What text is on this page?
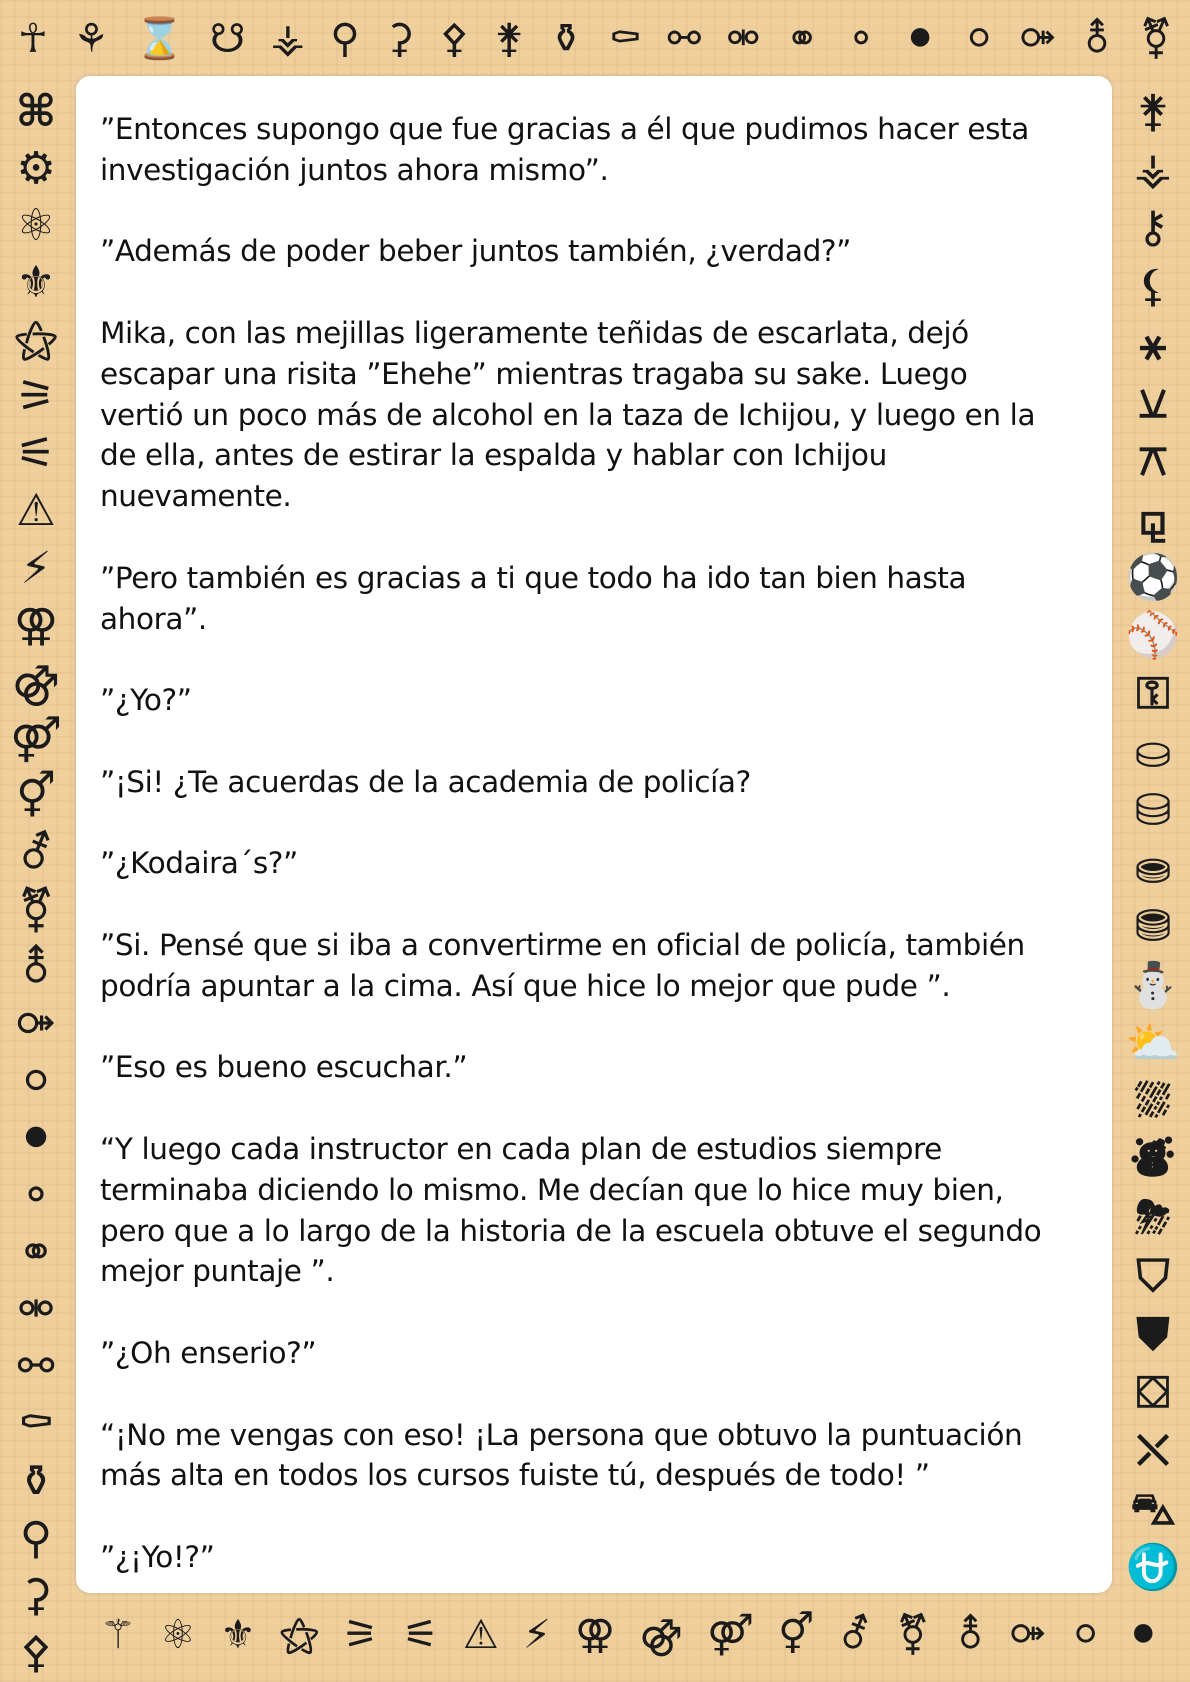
☥ ⚘ ⌛ ☋ ⚶ ⚲ ⚳ ⚴ ⚵ ⚱ ⚰ ⚯ ⚮ ⚭ ⚬ ⚫ ⚪ ⚩ ⚨ ⚧
⚚ ⚛ ⚜ ⚝ ⚞ ⚟ ⚠ ⚡ ⚢ ⚣ ⚤ ⚥ ⚦ ⚧ ⚨ ⚩ ⚪ ⚫
⌘
⚙
⚛
⚜
⚝
⚞
⚟
⚠
⚡
⚢
⚣
⚤
⚥
⚦
⚧
⚨
⚩
⚪
⚫
⚬
⚭
⚮
⚯
⚰
⚱
⚲
⚳
⚴
⚵
⚶
⚷
⚸
⚹
⚺
⚻
⚼
⚽
⚾
⚿
⛀
⛁
⛂
⛃
⛄
⛅
⛆
⛇
⛈
⛉
⛊
⛋
⛌
⛍
⛎

”Entonces supongo que fue gracias a él que pudimos hacer esta
investigación juntos ahora mismo”.

”Además de poder beber juntos también, ¿verdad?”

Mika, con las mejillas ligeramente teñidas de escarlata, dejó
escapar una risita ”Ehehe” mientras tragaba su sake. Luego
vertió un poco más de alcohol en la taza de Ichijou, y luego en la
de ella, antes de estirar la espalda y hablar con Ichijou
nuevamente.

”Pero también es gracias a ti que todo ha ido tan bien hasta
ahora”.

”¿Yo?”

”¡Si! ¿Te acuerdas de la academia de policía?

”¿Kodaira´s?”

”Si. Pensé que si iba a convertirme en oficial de policía, también
podría apuntar a la cima. Así que hice lo mejor que pude ”.

”Eso es bueno escuchar.”

“Y luego cada instructor en cada plan de estudios siempre
terminaba diciendo lo mismo. Me decían que lo hice muy bien,
pero que a lo largo de la historia de la escuela obtuve el segundo
mejor puntaje ”.

”¿Oh enserio?”

“¡No me vengas con eso! ¡La persona que obtuvo la puntuación
más alta en todos los cursos fuiste tú, después de todo! ”

”¿¡Yo!?”
